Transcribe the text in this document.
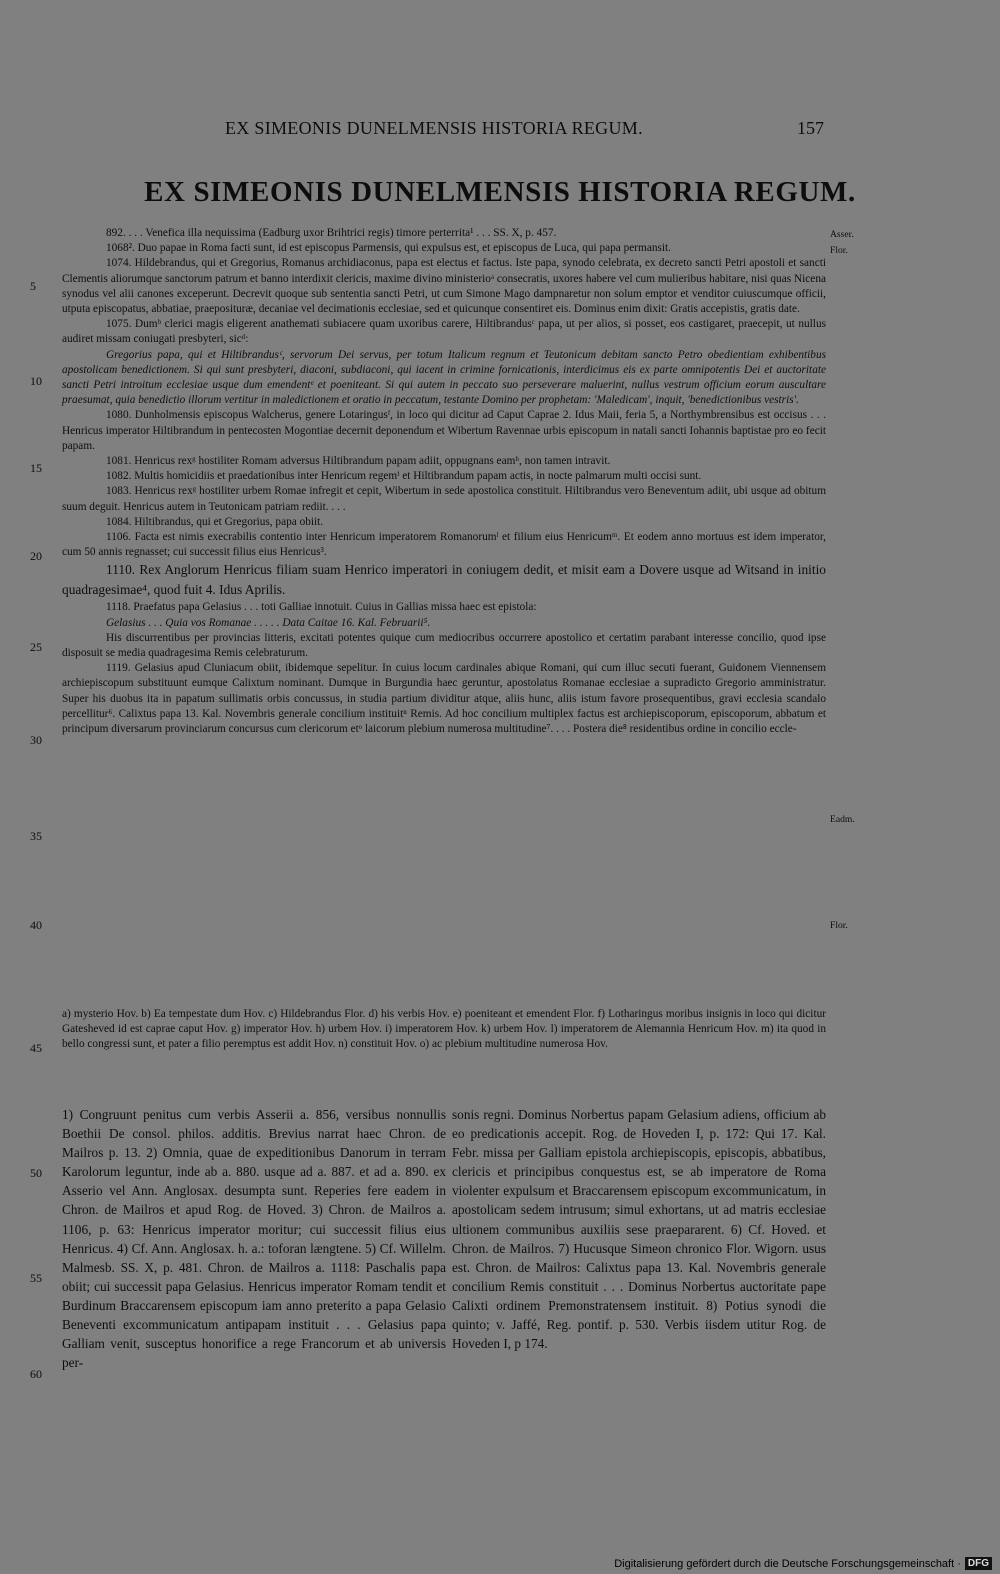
EX SIMEONIS DUNELMENSIS HISTORIA REGUM.	157
EX SIMEONIS DUNELMENSIS HISTORIA REGUM.
5
10
15
20
25
30
35
40
45
50
55
60
Asser.
Flor.
Eadm.
Flor.

892. . . . Venefica illa nequissima (Eadburg uxor Brihtrici regis) timore perterrita¹ . . . SS. X, p. 457.

1068². Duo papae in Roma facti sunt, id est episcopus Parmensis, qui expulsus est, et episcopus de Luca, qui papa permansit.

1074. Hildebrandus, qui et Gregorius, Romanus archidiaconus, papa est electus et factus. Iste papa, synodo celebrata, ex decreto sancti Petri apostoli et sancti Clementis aliorumque sanctorum patrum et banno interdixit clericis, maxime divino ministerioᵃ consecratis, uxores habere vel cum mulieribus habitare, nisi quas Nicena synodus vel alii canones exceperunt. Decrevit quoque sub sententia sancti Petri, ut cum Simone Mago dampnaretur non solum emptor et venditor cuiuscumque officii, utputa episcopatus, abbatiae, praeposituræ, decaniae vel decimationis ecclesiae, sed et quicunque consentiret eis. Dominus enim dixit: Gratis accepistis, gratis date.

1075. Dumᵇ clerici magis eligerent anathemati subiacere quam uxoribus carere, Hiltibrandusᶜ papa, ut per alios, si posset, eos castigaret, praecepit, ut nullus audiret missam coniugati presbyteri, sicᵈ:

Gregorius papa, qui et Hiltibrandusᶜ, servorum Dei servus, per totum Italicum regnum et Teutonicum debitam sancto Petro obedientiam exhibentibus apostolicam benedictionem. Si qui sunt presbyteri, diaconi, subdiaconi, qui iacent in crimine fornicationis, interdicimus eis ex parte omnipotentis Dei et auctoritate sancti Petri introitum ecclesiae usque dum emendentᵉ et poeniteant. Si qui autem in peccato suo perseverare maluerint, nullus vestrum officium eorum auscultare praesumat, quia benedictio illorum vertitur in maledictionem et oratio in peccatum, testante Domino per prophetam: 'Maledicam', inquit, 'benedictionibus vestris'.

1080. Dunholmensis episcopus Walcherus, genere Lotaringusᶠ, in loco qui dicitur ad Caput Caprae 2. Idus Maii, feria 5, a Northymbrensibus est occisus . . . Henricus imperator Hiltibrandum in pentecosten Mogontiae decernit deponendum et Wibertum Ravennae urbis episcopum in natali sancti Iohannis baptistae pro eo fecit papam.

1081. Henricus rexᵍ hostiliter Romam adversus Hiltibrandum papam adiit, oppugnans eamʰ, non tamen intravit.

1082. Multis homicidiis et praedationibus inter Henricum regemⁱ et Hiltibrandum papam actis, in nocte palmarum multi occisi sunt.

1083. Henricus rexᵍ hostiliter urbem Romae infregit et cepit, Wibertum in sede apostolica constituit. Hiltibrandus vero Beneventum adiit, ubi usque ad obitum suum deguit. Henricus autem in Teutonicam patriam rediit. . . .

1084. Hiltibrandus, qui et Gregorius, papa obiit.

1106. Facta est nimis execrabilis contentio inter Henricum imperatorem Romanorumˡ et filium eius Henricumᵐ. Et eodem anno mortuus est idem imperator, cum 50 annis regnasset; cui successit filius eius Henricus³.

1110. Rex Anglorum Henricus filiam suam Henrico imperatori in coniugem dedit, et misit eam a Dovere usque ad Witsand in initio quadragesimae⁴, quod fuit 4. Idus Aprilis.

1118. Praefatus papa Gelasius . . . toti Galliae innotuit. Cuius in Gallias missa haec est epistola:

Gelasius . . . Quia vos Romanae . . . . . Data Caitae 16. Kal. Februarii⁵.

His discurrentibus per provincias litteris, excitati potentes quique cum mediocribus occurrere apostolico et certatim parabant interesse concilio, quod ipse disposuit se media quadragesima Remis celebraturum.

1119. Gelasius apud Cluniacum obiit, ibidemque sepelitur. In cuius locum cardinales abique Romani, qui cum illuc secuti fuerant, Guidonem Viennensem archiepiscopum substituunt eumque Calixtum nominant. Dumque in Burgundia haec geruntur, apostolatus Romanae ecclesiae a supradicto Gregorio amministratur. Super his duobus ita in papatum sullimatis orbis concussus, in studia partium dividitur atque, aliis hunc, aliis istum favore prosequentibus, gravi ecclesia scandalo percellitur⁶. Calixtus papa 13. Kal. Novembris generale concilium instituitⁿ Remis. Ad hoc concilium multiplex factus est archiepiscoporum, episcoporum, abbatum et principum diversarum provinciarum concursus cum clericorum etᵒ laicorum plebium numerosa multitudine⁷. . . . Postera die⁸ residentibus ordine in concilio eccle-

a) mysterio Hov. b) Ea tempestate dum Hov. c) Hildebrandus Flor. d) his verbis Hov. e) poeniteant et emendent Flor. f) Lotharingus moribus insignis in loco qui dicitur Gatesheved id est caprae caput Hov. g) imperator Hov. h) urbem Hov. i) imperatorem Hov. k) urbem Hov. l) imperatorem de Alemannia Henricum Hov. m) ita quod in bello congressi sunt, et pater a filio peremptus est addit Hov. n) constituit Hov. o) ac plebium multitudine numerosa Hov.

1) Congruunt penitus cum verbis Asserii a. 856, versibus nonnullis Boethii De consol. philos. additis. Brevius narrat haec Chron. de Mailros p. 13. 2) Omnia, quae de expeditionibus Danorum in terram Karolorum leguntur, inde ab a. 880. usque ad a. 887. et ad a. 890. ex Asserio vel Ann. Anglosax. desumpta sunt. Reperies fere eadem in Chron. de Mailros et apud Rog. de Hoved. 3) Chron. de Mailros a. 1106, p. 63: Henricus imperator moritur; cui successit filius eius Henricus. 4) Cf. Ann. Anglosax. h. a.: toforan længtene. 5) Cf. Willelm. Malmesb. SS. X, p. 481. Chron. de Mailros a. 1118: Paschalis papa obiit; cui successit papa Gelasius. Henricus imperator Romam tendit et Burdinum Braccarensem episcopum iam anno preterito a papa Gelasio Beneventi excommunicatum antipapam instituit . . . Gelasius papa Galliam venit, susceptus honorifice a rege Francorum et ab universis per-

sonis regni. Dominus Norbertus papam Gelasium adiens, officium ab eo predicationis accepit. Rog. de Hoveden I, p. 172: Qui 17. Kal. Febr. missa per Galliam epistola archiepiscopis, episcopis, abbatibus, clericis et principibus conquestus est, se ab imperatore de Roma violenter expulsum et Braccarensem episcopum excommunicatum, in apostolicam sedem intrusum; simul exhortans, ut ad matris ecclesiae ultionem communibus auxiliis sese praepararent. 6) Cf. Hoved. et Chron. de Mailros. 7) Hucusque Simeon chronico Flor. Wigorn. usus est. Chron. de Mailros: Calixtus papa 13. Kal. Novembris generale concilium Remis constituit . . . Dominus Norbertus auctoritate pape Calixti ordinem Premonstratensem instituit. 8) Potius synodi die quinto; v. Jaffé, Reg. pontif. p. 530. Verbis iisdem utitur Rog. de Hoveden I, p 174.

Digitalisierung gefördert durch die Deutsche Forschungsgemeinschaft · DFG
